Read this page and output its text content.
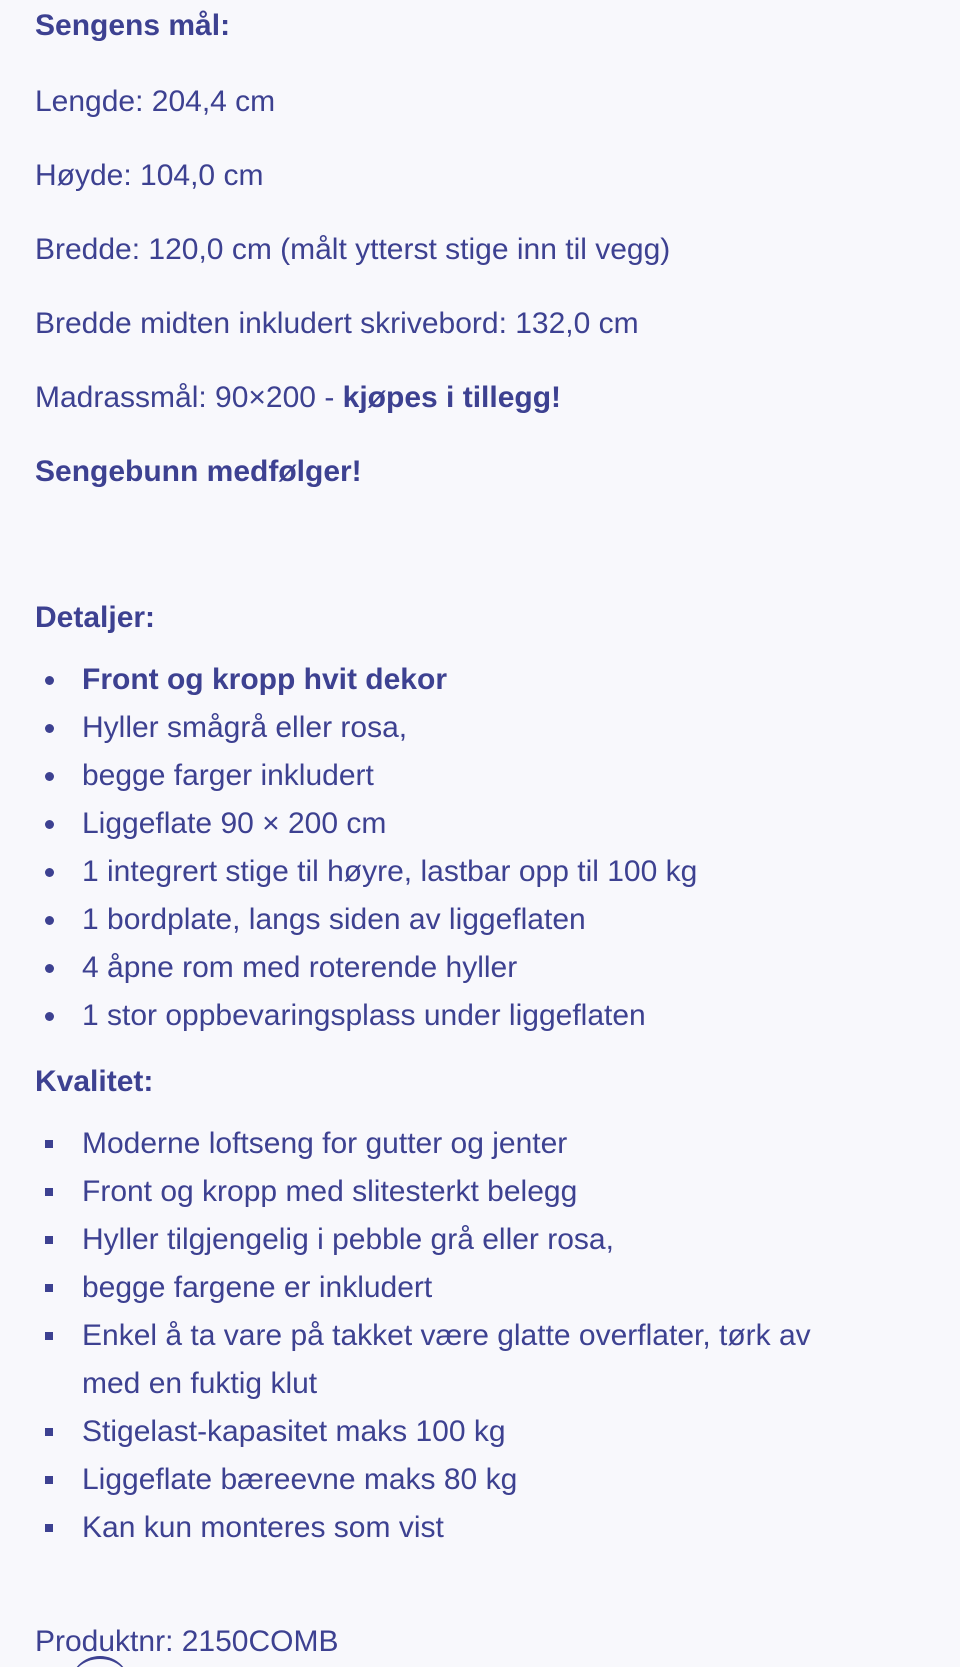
Sengens mål:
Lengde: 204,4 cm
Høyde: 104,0 cm
Bredde: 120,0 cm (målt ytterst stige inn til vegg)
Bredde midten inkludert skrivebord: 132,0 cm
Madrassmål: 90×200 - kjøpes i tillegg!
Sengebunn medfølger!
Detaljer:
Front og kropp hvit dekor
Hyller smågrå eller rosa,
begge farger inkludert
Liggeflate 90 × 200 cm
1 integrert stige til høyre, lastbar opp til 100 kg
1 bordplate, langs siden av liggeflaten
4 åpne rom med roterende hyller
1 stor oppbevaringsplass under liggeflaten
Kvalitet:
Moderne loftseng for gutter og jenter
Front og kropp med slitesterkt belegg
Hyller tilgjengelig i pebble grå eller rosa,
begge fargene er inkludert
Enkel å ta vare på takket være glatte overflater, tørk av med en fuktig klut
Stigelast-kapasitet maks 100 kg
Liggeflate bæreevne maks 80 kg
Kan kun monteres som vist
Produktnr: 2150COMB
